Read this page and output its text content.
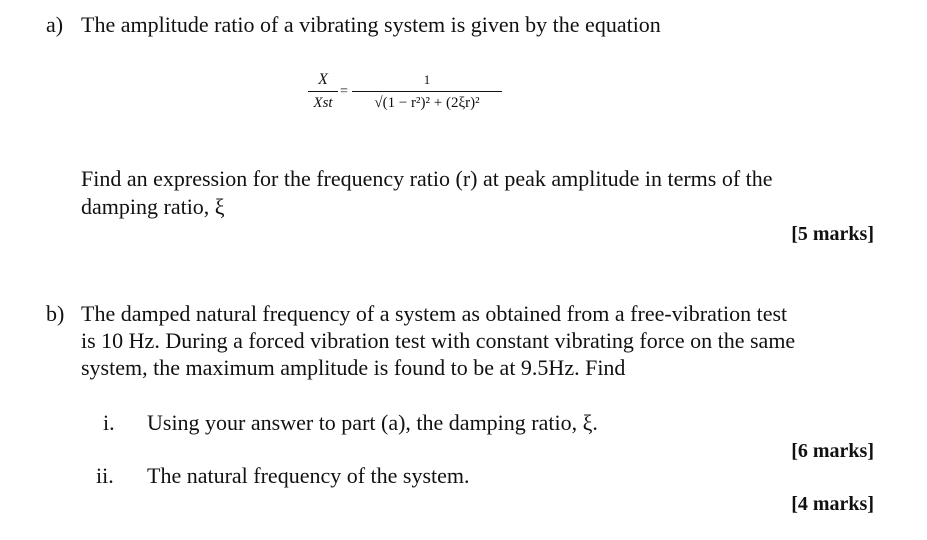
a) The amplitude ratio of a vibrating system is given by the equation
X
Xst
=
1
√(1 − r²)² + (2ξr)²
Find an expression for the frequency ratio (r) at peak amplitude in terms of the
damping ratio, ξ
[5 marks]
b) The damped natural frequency of a system as obtained from a free-vibration test
is 10 Hz. During a forced vibration test with constant vibrating force on the same
system, the maximum amplitude is found to be at 9.5Hz. Find
i. Using your answer to part (a), the damping ratio, ξ.
[6 marks]
ii. The natural frequency of the system.
[4 marks]
